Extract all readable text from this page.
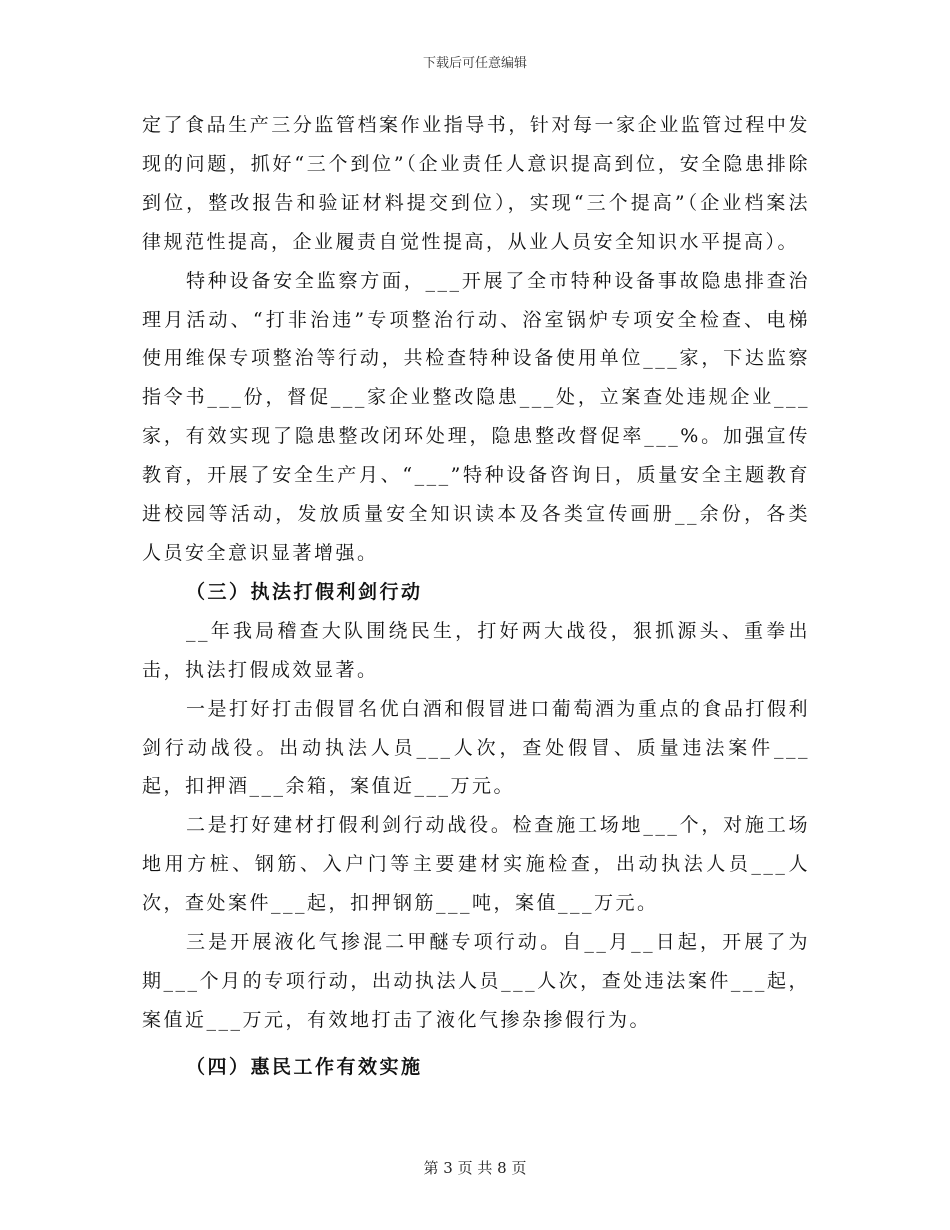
下载后可任意编辑

定了食品生产三分监管档案作业指导书，针对每一家企业监管过程中发现的问题，抓好“三个到位”（企业责任人意识提高到位，安全隐患排除到位，整改报告和验证材料提交到位），实现“三个提高”（企业档案法律规范性提高，企业履责自觉性提高，从业人员安全知识水平提高）。

特种设备安全监察方面，___开展了全市特种设备事故隐患排查治理月活动、“打非治违”专项整治行动、浴室锅炉专项安全检查、电梯使用维保专项整治等行动，共检查特种设备使用单位___家，下达监察指令书___份，督促___家企业整改隐患___处，立案查处违规企业___家，有效实现了隐患整改闭环处理，隐患整改督促率___%。加强宣传教育，开展了安全生产月、“___”特种设备咨询日，质量安全主题教育进校园等活动，发放质量安全知识读本及各类宣传画册__余份，各类人员安全意识显著增强。

（三）执法打假利剑行动

__年我局稽查大队围绕民生，打好两大战役，狠抓源头、重拳出击，执法打假成效显著。

一是打好打击假冒名优白酒和假冒进口葡萄酒为重点的食品打假利剑行动战役。出动执法人员___人次，查处假冒、质量违法案件___起，扣押酒___余箱，案值近___万元。

二是打好建材打假利剑行动战役。检查施工场地___个，对施工场地用方桩、钢筋、入户门等主要建材实施检查，出动执法人员___人次，查处案件___起，扣押钢筋___吨，案值___万元。

三是开展液化气掺混二甲醚专项行动。自__月__日起，开展了为期___个月的专项行动，出动执法人员___人次，查处违法案件___起，案值近___万元，有效地打击了液化气掺杂掺假行为。

（四）惠民工作有效实施

第 3 页 共 8 页
